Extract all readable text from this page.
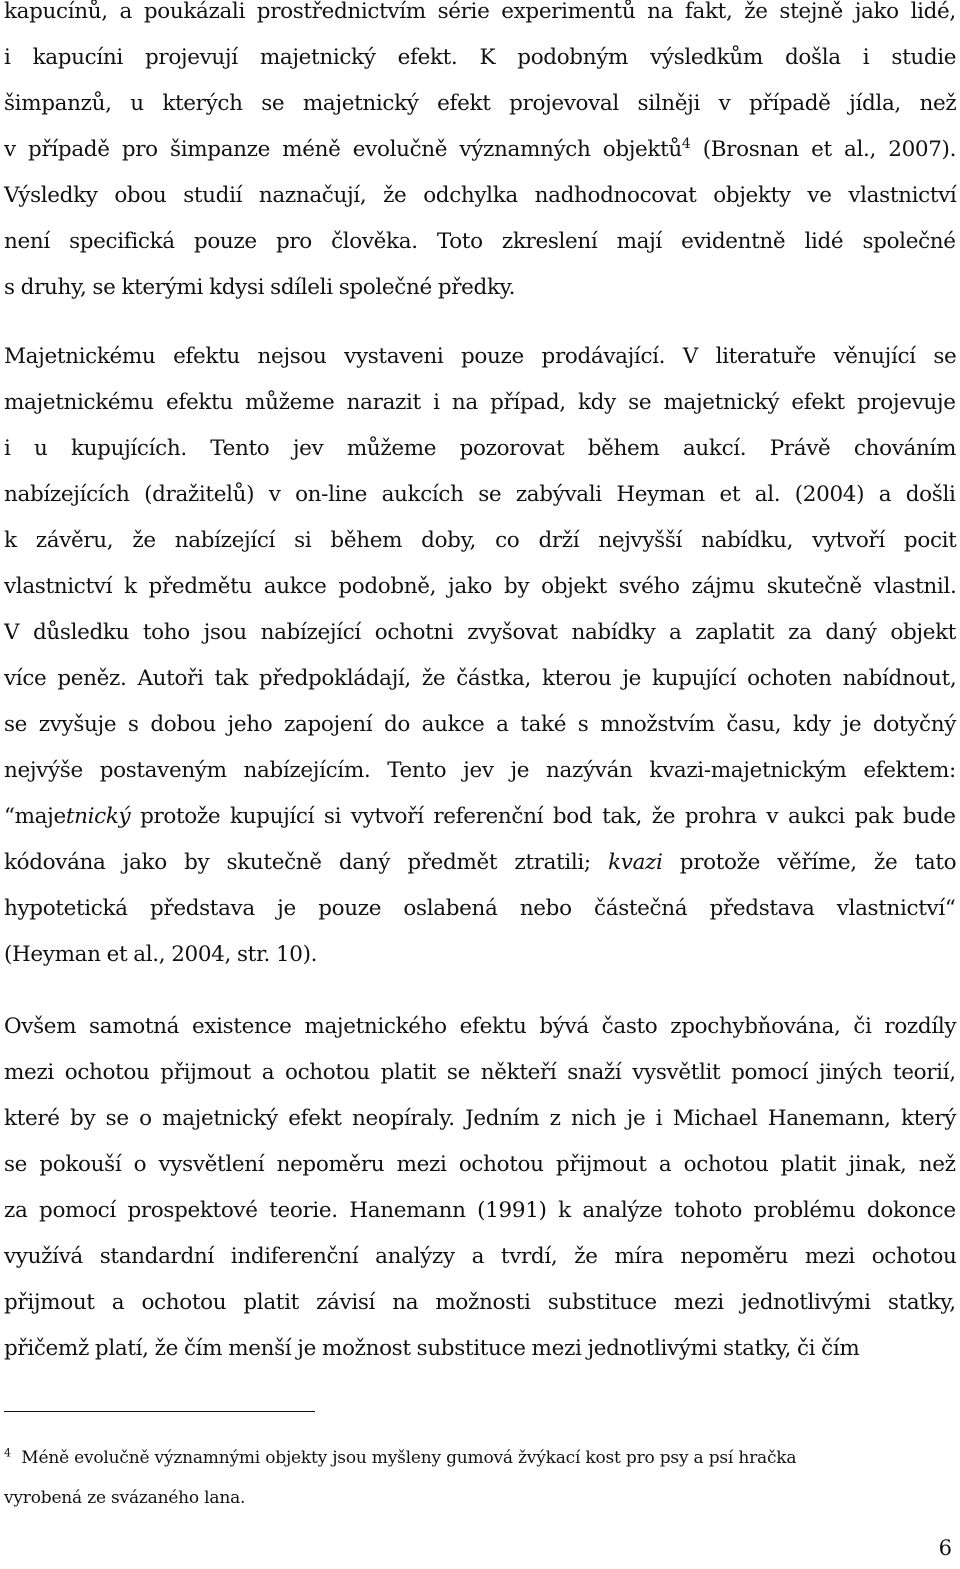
kapucínů, a poukázali prostřednictvím série experimentů na fakt, že stejně jako lidé,
i kapucíni projevují majetnický efekt. K podobným výsledkům došla i studie
šimpanzů, u kterých se majetnický efekt projevoval silněji v případě jídla, než
v případě pro šimpanze méně evolučně významných objektů$^4$ (Brosnan et al., 2007).
Výsledky obou studií naznačují, že odchylka nadhodnocovat objekty ve vlastnictví
není specifická pouze pro člověka. Toto zkreslení mají evidentně lidé společné
s druhy, se kterými kdysi sdíleli společné předky.
Majetnickému efektu nejsou vystaveni pouze prodávající. V literatuře věnující se
majetnickému efektu můžeme narazit i na případ, kdy se majetnický efekt projevuje
i u kupujících. Tento jev můžeme pozorovat během aukcí. Právě chováním
nabízejících (dražitelů) v on-line aukcích se zabývali Heyman et al. (2004) a došli
k závěru, že nabízející si během doby, co drží nejvyšší nabídku, vytvoří pocit
vlastnictví k předmětu aukce podobně, jako by objekt svého zájmu skutečně vlastnil.
V důsledku toho jsou nabízející ochotni zvyšovat nabídky a zaplatit za daný objekt
více peněz. Autoři tak předpokládají, že částka, kterou je kupující ochoten nabídnout,
se zvyšuje s dobou jeho zapojení do aukce a také s množstvím času, kdy je dotyčný
nejvýše postaveným nabízejícím. Tento jev je nazýván kvazi-majetnickým efektem:
“majetnický protože kupující si vytvoří referenční bod tak, že prohra v aukci pak bude
kódována jako by skutečně daný předmět ztratili; kvazi protože věříme, že tato
hypotetická představa je pouze oslabená nebo částečná představa vlastnictví“
(Heyman et al., 2004, str. 10).
Ovšem samotná existence majetnického efektu bývá často zpochybňována, či rozdíly
mezi ochotou přijmout a ochotou platit se někteří snaží vysvětlit pomocí jiných teorií,
které by se o majetnický efekt neopíraly. Jedním z nich je i Michael Hanemann, který
se pokouší o vysvětlení nepoměru mezi ochotou přijmout a ochotou platit jinak, než
za pomocí prospektové teorie. Hanemann (1991) k analýze tohoto problému dokonce
využívá standardní indiferenční analýzy a tvrdí, že míra nepoměru mezi ochotou
přijmout a ochotou platit závisí na možnosti substituce mezi jednotlivými statky,
přičemž platí, že čím menší je možnost substituce mezi jednotlivými statky, či čím
$^4$  Méně evolučně významnými objekty jsou myšleny gumová žvýkací kost pro psy a psí hračka
vyrobená ze svázaného lana.
6
